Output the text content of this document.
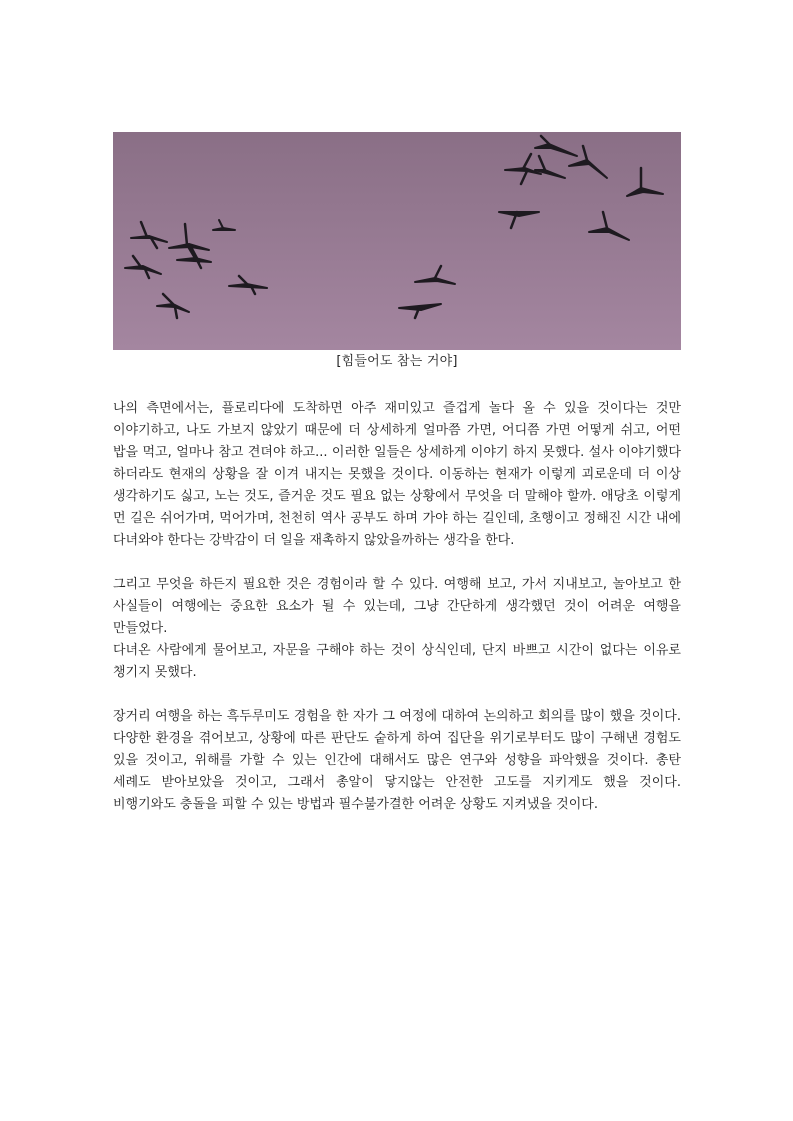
[힘들어도 참는 거야]

나의 측면에서는, 플로리다에 도착하면 아주 재미있고 즐겁게 놀다 올 수 있을 것이다는 것만 이야기하고, 나도 가보지 않았기 때문에 더 상세하게 얼마쯤 가면, 어디쯤 가면 어떻게 쉬고, 어떤 밥을 먹고, 얼마나 참고 견뎌야 하고... 이러한 일들은 상세하게 이야기 하지 못했다. 설사 이야기했다 하더라도 현재의 상황을 잘 이겨 내지는 못했을 것이다. 이동하는 현재가 이렇게 괴로운데 더 이상 생각하기도 싫고, 노는 것도, 즐거운 것도 필요 없는 상황에서 무엇을 더 말해야 할까. 애당초 이렇게 먼 길은 쉬어가며, 먹어가며, 천천히 역사 공부도 하며 가야 하는 길인데, 초행이고 정해진 시간 내에 다녀와야 한다는 강박감이 더 일을 재촉하지 않았을까하는 생각을 한다.

그리고 무엇을 하든지 필요한 것은 경험이라 할 수 있다. 여행해 보고, 가서 지내보고, 놀아보고 한 사실들이 여행에는 중요한 요소가 될 수 있는데, 그냥 간단하게 생각했던 것이 어려운 여행을 만들었다.

다녀온 사람에게 물어보고, 자문을 구해야 하는 것이 상식인데, 단지 바쁘고 시간이 없다는 이유로 챙기지 못했다.

장거리 여행을 하는 흑두루미도 경험을 한 자가 그 여정에 대하여 논의하고 회의를 많이 했을 것이다. 다양한 환경을 겪어보고, 상황에 따른 판단도 숱하게 하여 집단을 위기로부터도 많이 구해낸 경험도 있을 것이고, 위해를 가할 수 있는 인간에 대해서도 많은 연구와 성향을 파악했을 것이다. 총탄 세례도 받아보았을 것이고, 그래서 총알이 닿지않는 안전한 고도를 지키게도 했을 것이다. 비행기와도 충돌을 피할 수 있는 방법과 필수불가결한 어려운 상황도 지켜냈을 것이다.
